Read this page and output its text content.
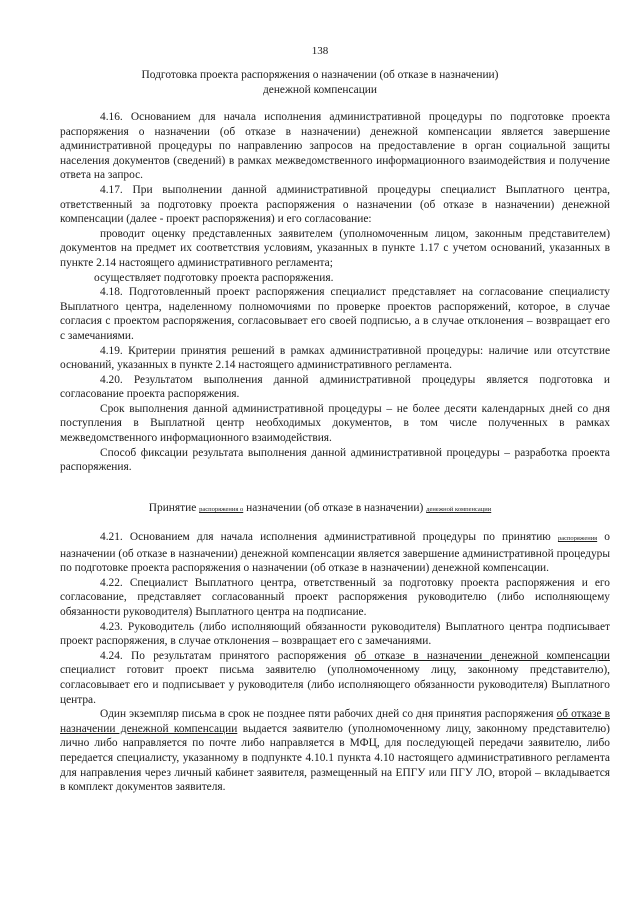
138
Подготовка проекта распоряжения о назначении (об отказе в назначении)
денежной компенсации

4.16. Основанием для начала исполнения административной процедуры по подготовке проекта распоряжения о назначении (об отказе в назначении) денежной компенсации является завершение административной процедуры по направлению запросов на предоставление в орган социальной защиты населения документов (сведений) в рамках межведомственного информационного взаимодействия и получение ответа на запрос.

4.17. При выполнении данной административной процедуры специалист Выплатного центра, ответственный за подготовку проекта распоряжения о назначении (об отказе в назначении) денежной компенсации (далее - проект распоряжения) и его согласование:

проводит оценку представленных заявителем (уполномоченным лицом, законным представителем) документов на предмет их соответствия условиям, указанных в пункте 1.17 с учетом оснований, указанных в пункте 2.14 настоящего административного регламента;

осуществляет подготовку проекта распоряжения.

4.18. Подготовленный проект распоряжения специалист представляет на согласование специалисту Выплатного центра, наделенному полномочиями по проверке проектов распоряжений, которое, в случае согласия с проектом распоряжения, согласовывает его своей подписью, а в случае отклонения – возвращает его с замечаниями.

4.19. Критерии принятия решений в рамках административной процедуры: наличие или отсутствие оснований, указанных в пункте 2.14 настоящего административного регламента.

4.20. Результатом выполнения данной административной процедуры является подготовка и согласование проекта распоряжения.

Срок выполнения данной административной процедуры – не более десяти календарных дней со дня поступления в Выплатной центр необходимых документов, в том числе полученных в рамках межведомственного информационного взаимодействия.

Способ фиксации результата выполнения данной административной процедуры – разработка проекта распоряжения.

Принятие распоряжения о назначении (об отказе в назначении) денежной компенсации

4.21. Основанием для начала исполнения административной процедуры по принятию распоряжения о назначении (об отказе в назначении) денежной компенсации является завершение административной процедуры по подготовке проекта распоряжения о назначении (об отказе в назначении) денежной компенсации.

4.22. Специалист Выплатного центра, ответственный за подготовку проекта распоряжения и его согласование, представляет согласованный проект распоряжения руководителю (либо исполняющему обязанности руководителя) Выплатного центра на подписание.

4.23. Руководитель (либо исполняющий обязанности руководителя) Выплатного центра подписывает проект распоряжения, в случае отклонения – возвращает его с замечаниями.

4.24. По результатам принятого распоряжения об отказе в назначении денежной компенсации специалист готовит проект письма заявителю (уполномоченному лицу, законному представителю), согласовывает его и подписывает у руководителя (либо исполняющего обязанности руководителя) Выплатного центра.

Один экземпляр письма в срок не позднее пяти рабочих дней со дня принятия распоряжения об отказе в назначении денежной компенсации выдается заявителю (уполномоченному лицу, законному представителю) лично либо направляется по почте либо направляется в МФЦ, для последующей передачи заявителю, либо передается специалисту, указанному в подпункте 4.10.1 пункта 4.10 настоящего административного регламента для направления через личный кабинет заявителя, размещенный на ЕПГУ или ПГУ ЛО, второй – вкладывается в комплект документов заявителя.
